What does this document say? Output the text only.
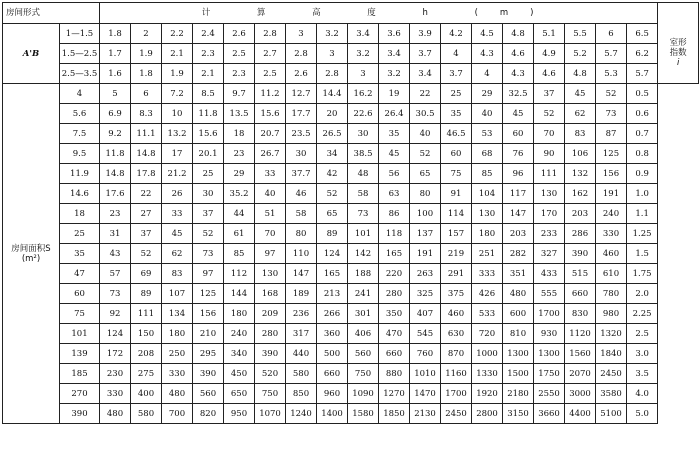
房间形式		计 算 高 度 h (m)																		
A'B	1—1.5	1.8	2	2.2	2.4	2.6	2.8	3	3.2	3.4	3.6	3.9	4.2	4.5	4.8	5.1	5.5	6	6.5	室形
指数
i

	1.5—2.5	1.7	1.9	2.1	2.3	2.5	2.7	2.8	3	3.2	3.4	3.7	4	4.3	4.6	4.9	5.2	5.7	6.2	
	2.5—3.5	1.6	1.8	1.9	2.1	2.3	2.5	2.6	2.8	3	3.2	3.4	3.7	4	4.3	4.6	4.8	5.3	5.7	

房间面积S
(m²)	4	5	6	7.2	8.5	9.7	11.2	12.7	14.4	16.2	19	22	25	29	32.5	37	45	52	0.5	
	5.6	6.9	8.3	10	11.8	13.5	15.6	17.7	20	22.6	26.4	30.5	35	40	45	52	62	73	0.6	
	7.5	9.2	11.1	13.2	15.6	18	20.7	23.5	26.5	30	35	40	46.5	53	60	70	83	87	0.7	
	9.5	11.8	14.8	17	20.1	23	26.7	30	34	38.5	45	52	60	68	76	90	106	125	0.8	
	11.9	14.8	17.8	21.2	25	29	33	37.7	42	48	56	65	75	85	96	111	132	156	0.9	
	14.6	17.6	22	26	30	35.2	40	46	52	58	63	80	91	104	117	130	162	191	1.0	
	18	23	27	33	37	44	51	58	65	73	86	100	114	130	147	170	203	240	1.1	
	25	31	37	45	52	61	70	80	89	101	118	137	157	180	203	233	286	330	1.25	
	35	43	52	62	73	85	97	110	124	142	165	191	219	251	282	327	390	460	1.5	
	47	57	69	83	97	112	130	147	165	188	220	263	291	333	351	433	515	610	1.75	
	60	73	89	107	125	144	168	189	213	241	280	325	375	426	480	555	660	780	2.0	
	75	92	111	134	156	180	209	236	266	301	350	407	460	533	600	1700	830	980	2.25	
	101	124	150	180	210	240	280	317	360	406	470	545	630	720	810	930	1120	1320	2.5	
	139	172	208	250	295	340	390	440	500	560	660	760	870	1000	1300	1300	1560	1840	3.0	
	185	230	275	330	390	450	520	580	660	750	880	1010	1160	1330	1500	1750	2070	2450	3.5	
	270	330	400	480	560	650	750	850	960	1090	1270	1470	1700	1920	2180	2550	3000	3580	4.0	
	390	480	580	700	820	950	1070	1240	1400	1580	1850	2130	2450	2800	3150	3660	4400	5100	5.0	
